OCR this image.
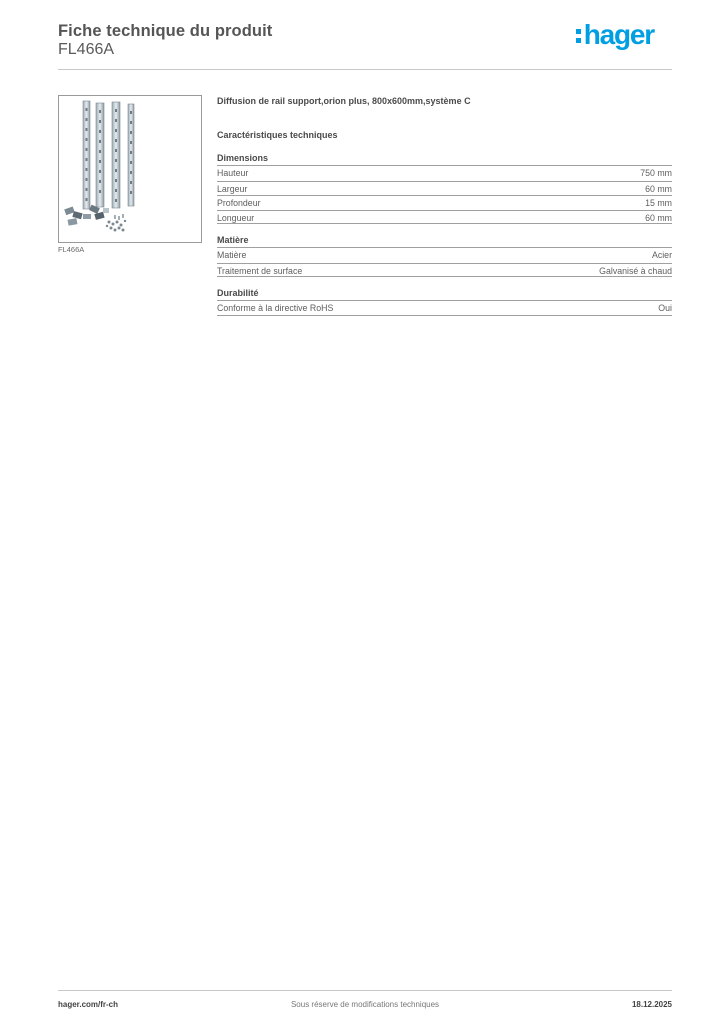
Fiche technique du produit
FL466A	hager
FL466A
Diffusion de rail support,orion plus, 800x600mm,système C
Caractéristiques techniques
Dimensions
Hauteur	750 mm
Largeur	60 mm
Profondeur	15 mm
Longueur	60 mm
Matière
Matière	Acier
Traitement de surface	Galvanisé à chaud
Durabilité
Conforme à la directive RoHS	Oui
hager.com/fr-ch	Sous réserve de modifications techniques	18.12.2025
